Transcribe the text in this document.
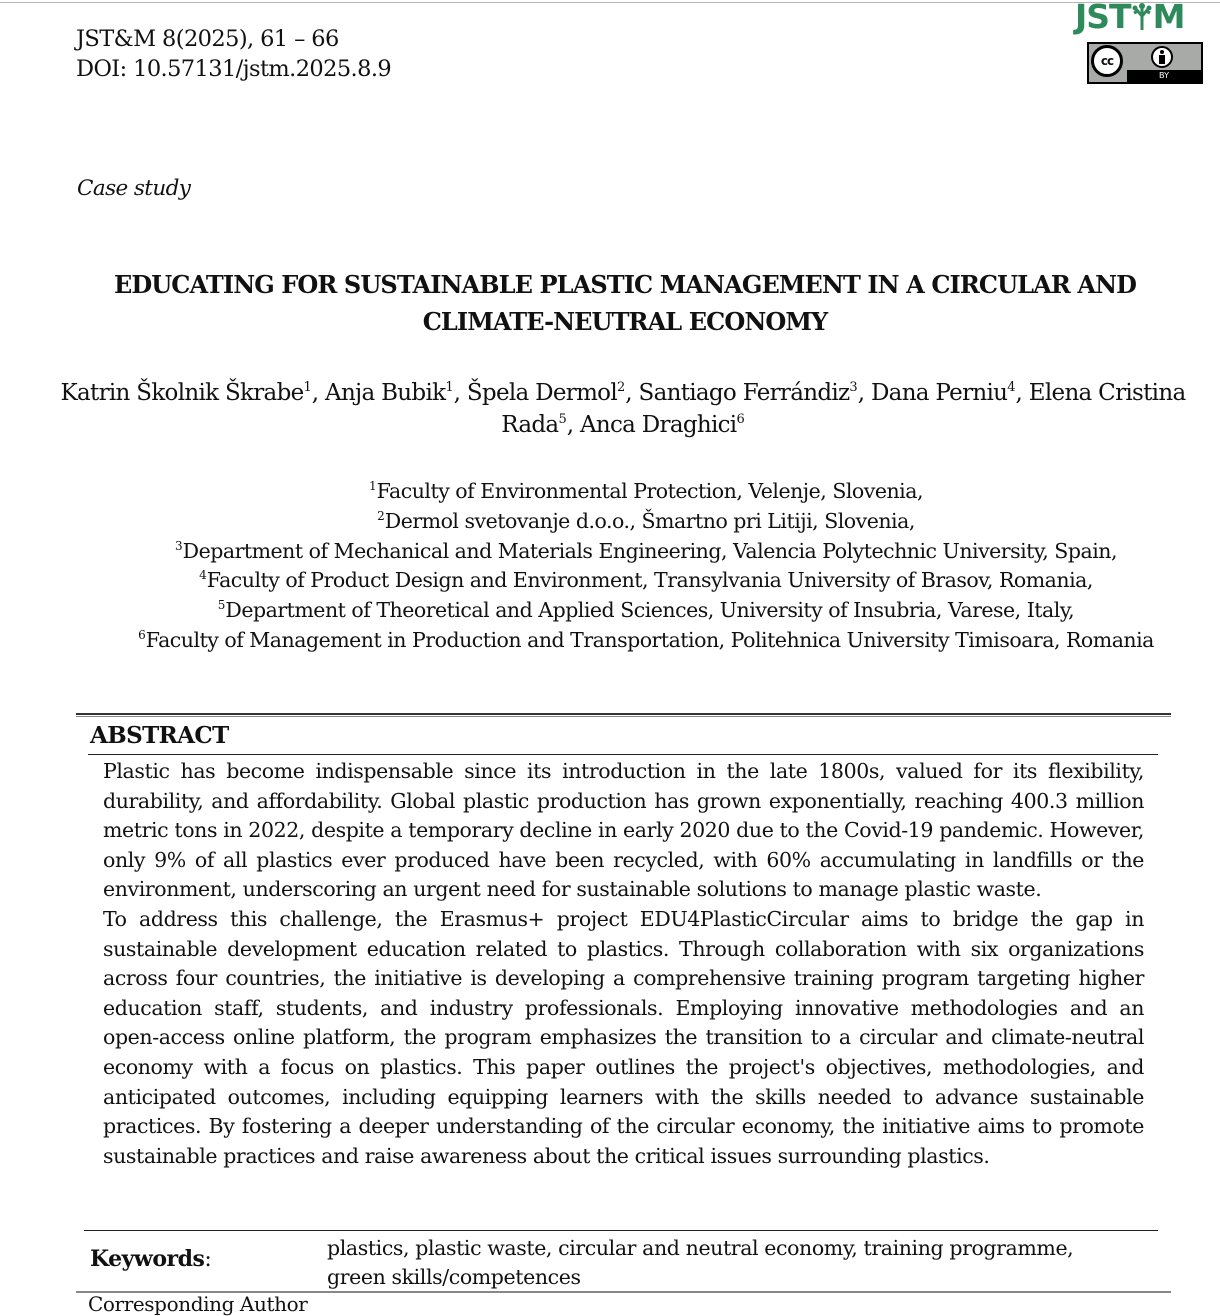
JST&M 8(2025), 61 – 66
DOI: 10.57131/jstm.2025.8.9
JST M
cc
BY
Case study
EDUCATING FOR SUSTAINABLE PLASTIC MANAGEMENT IN A CIRCULAR AND
CLIMATE-NEUTRAL ECONOMY
Katrin Školnik Škrabe$^1$, Anja Bubik$^1$, Špela Dermol$^2$, Santiago Ferrándiz$^3$, Dana Perniu$^4$, Elena Cristina Rada$^5$, Anca Draghici$^6$
$^1$Faculty of Environmental Protection, Velenje, Slovenia,
$^2$Dermol svetovanje d.o.o., Šmartno pri Litiji, Slovenia,
$^3$Department of Mechanical and Materials Engineering, Valencia Polytechnic University, Spain,
$^4$Faculty of Product Design and Environment, Transylvania University of Brasov, Romania,
$^5$Department of Theoretical and Applied Sciences, University of Insubria, Varese, Italy,
$^6$Faculty of Management in Production and Transportation, Politehnica University Timisoara, Romania
ABSTRACT

Plastic has become indispensable since its introduction in the late 1800s, valued for its flexibility, durability, and affordability. Global plastic production has grown exponentially, reaching 400.3 million metric tons in 2022, despite a temporary decline in early 2020 due to the Covid-19 pandemic. However, only 9% of all plastics ever produced have been recycled, with 60% accumulating in landfills or the environment, underscoring an urgent need for sustainable solutions to manage plastic waste.

To address this challenge, the Erasmus+ project EDU4PlasticCircular aims to bridge the gap in sustainable development education related to plastics. Through collaboration with six organizations across four countries, the initiative is developing a comprehensive training program targeting higher education staff, students, and industry professionals. Employing innovative methodologies and an open-access online platform, the program emphasizes the transition to a circular and climate-neutral economy with a focus on plastics. This paper outlines the project's objectives, methodologies, and anticipated outcomes, including equipping learners with the skills needed to advance sustainable practices. By fostering a deeper understanding of the circular economy, the initiative aims to promote sustainable practices and raise awareness about the critical issues surrounding plastics.

Keywords:	plastics, plastic waste, circular and neutral economy, training programme,
green skills/competences
Corresponding Author
